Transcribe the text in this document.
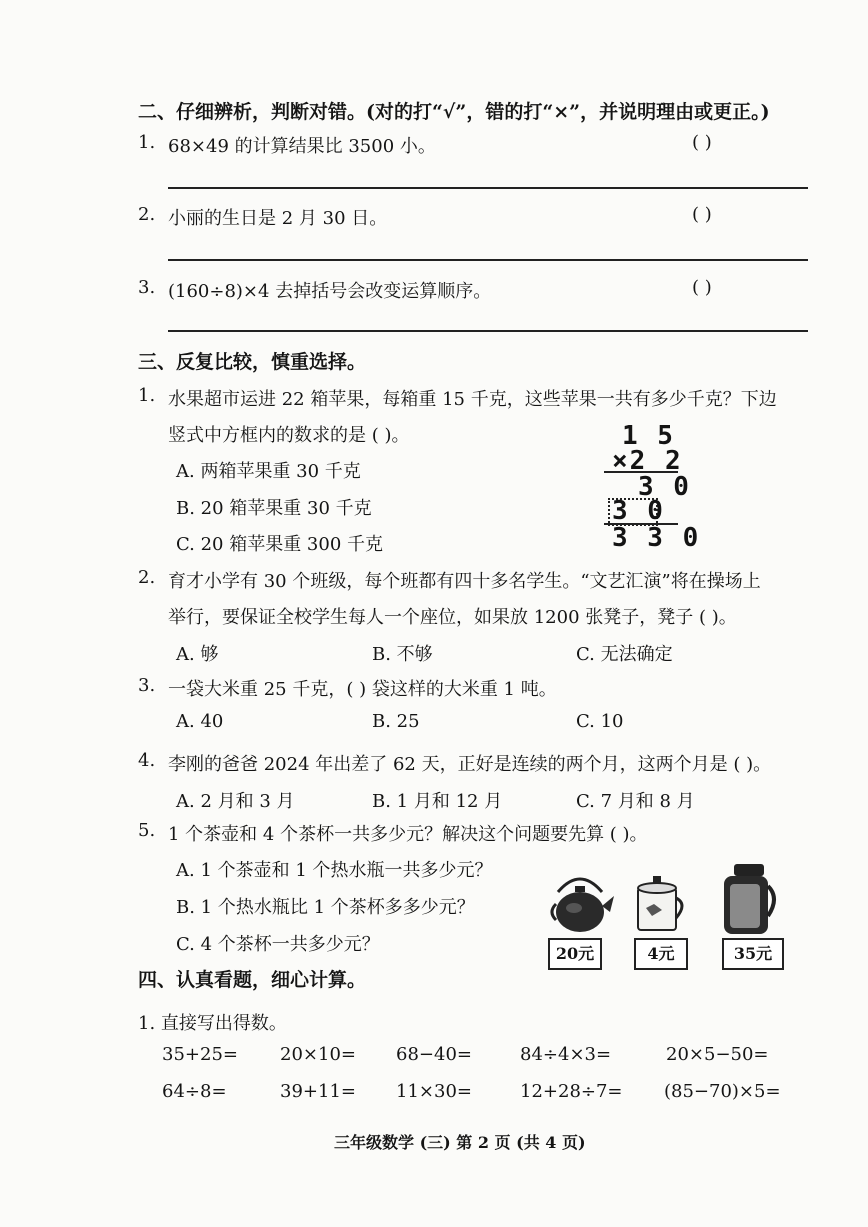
二、仔细辨析，判断对错。(对的打“√”，错的打“×”，并说明理由或更正。)
1. 68×49 的计算结果比 3500 小。	( )
2. 小丽的生日是 2 月 30 日。	( )
3. (160÷8)×4 去掉括号会改变运算顺序。	( )
三、反复比较，慎重选择。
1. 水果超市运进 22 箱苹果，每箱重 15 千克，这些苹果一共有多少千克？下边
竖式中方框内的数求的是 ( )。
A. 两箱苹果重 30 千克
B. 20 箱苹果重 30 千克
C. 20 箱苹果重 300 千克
1 5
×2 2
3 0
3 0
3 3 0
2. 育才小学有 30 个班级，每个班都有四十多名学生。“文艺汇演”将在操场上
举行，要保证全校学生每人一个座位，如果放 1200 张凳子，凳子 ( )。
A. 够	B. 不够	C. 无法确定
3. 一袋大米重 25 千克，( ) 袋这样的大米重 1 吨。
A. 40	B. 25	C. 10
4. 李刚的爸爸 2024 年出差了 62 天，正好是连续的两个月，这两个月是 ( )。
A. 2 月和 3 月	B. 1 月和 12 月	C. 7 月和 8 月
5. 1 个茶壶和 4 个茶杯一共多少元？解决这个问题要先算 ( )。
A. 1 个茶壶和 1 个热水瓶一共多少元？
B. 1 个热水瓶比 1 个茶杯多多少元？
C. 4 个茶杯一共多少元？	20元	4元	35元
四、认真看题，细心计算。
1. 直接写出得数。
35+25= 20×10= 68−40=	84÷4×3=	20×5−50=
64÷8=	39+11= 11×30=	12+28÷7= (85−70)×5=
三年级数学 (三) 第 2 页 (共 4 页)
